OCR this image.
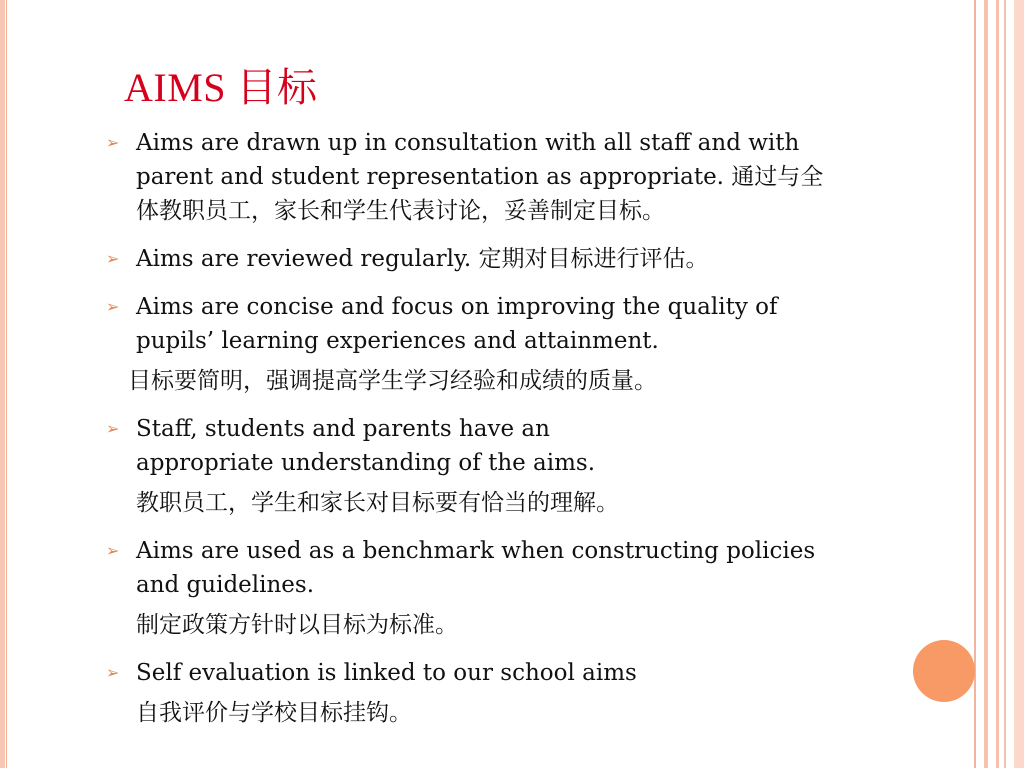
AIMS 目标
➢ Aims are drawn up in consultation with all staff and with
parent and student representation as appropriate. 通过与全
体教职员工，家长和学生代表讨论，妥善制定目标。
➢ Aims are reviewed regularly. 定期对目标进行评估。
➢ Aims are concise and focus on improving the quality of
pupils’ learning experiences and attainment.
目标要简明，强调提高学生学习经验和成绩的质量。
➢ Staff, students and parents have an
appropriate understanding of the aims.
教职员工，学生和家长对目标要有恰当的理解。
➢ Aims are used as a benchmark when constructing policies
and guidelines.
制定政策方针时以目标为标准。
➢ Self evaluation is linked to our school aims
自我评价与学校目标挂钩。
